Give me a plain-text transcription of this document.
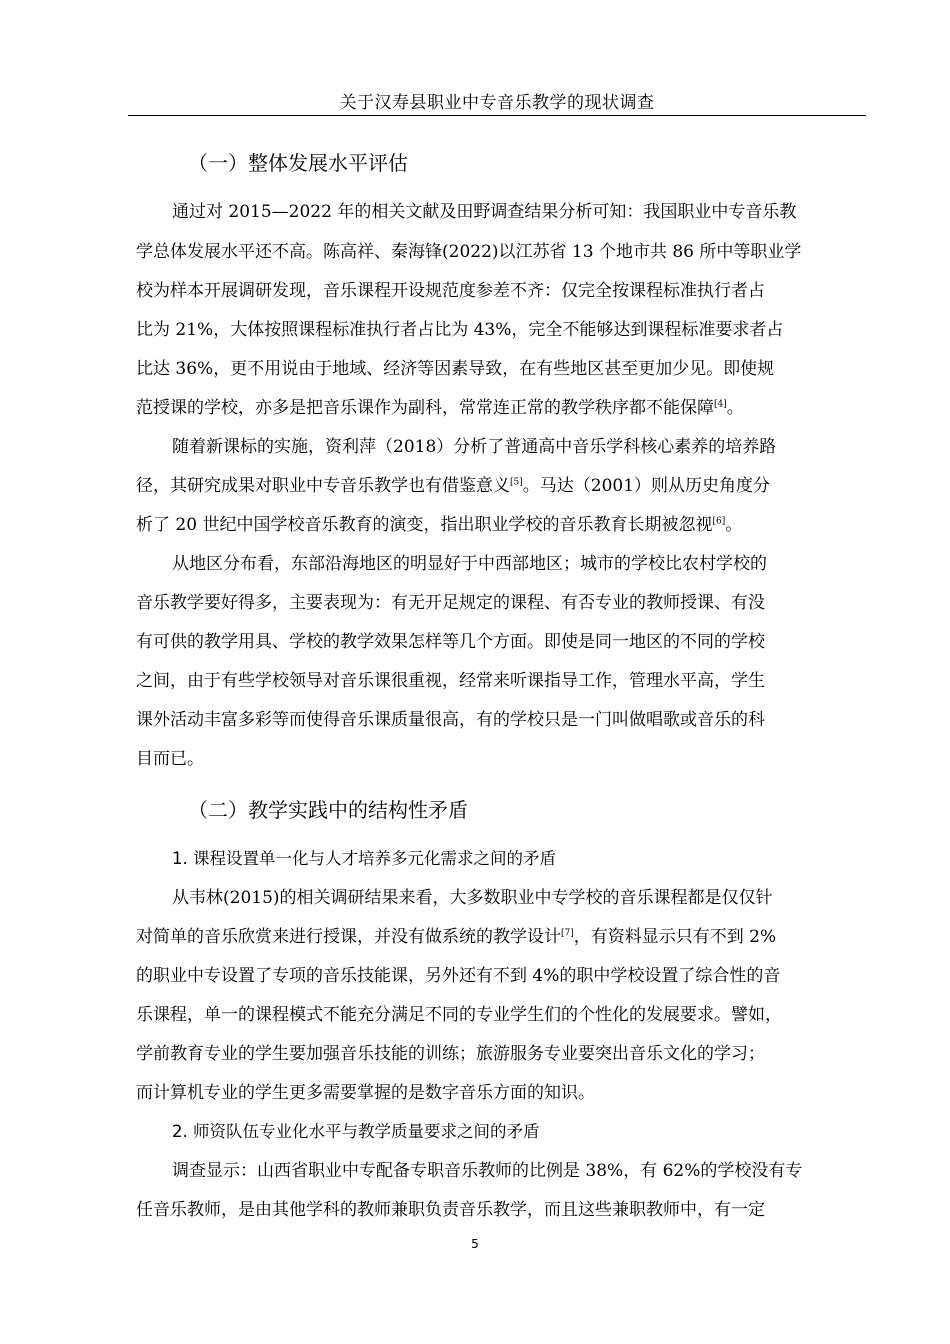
关于汉寿县职业中专音乐教学的现状调查
（一）整体发展水平评估
通过对 2015—2022 年的相关文献及田野调查结果分析可知：我国职业中专音乐教
学总体发展水平还不高。陈高祥、秦海锋(2022)以江苏省 13 个地市共 86 所中等职业学
校为样本开展调研发现，音乐课程开设规范度参差不齐：仅完全按课程标准执行者占
比为 21%，大体按照课程标准执行者占比为 43%，完全不能够达到课程标准要求者占
比达 36%，更不用说由于地域、经济等因素导致，在有些地区甚至更加少见。即使规
范授课的学校，亦多是把音乐课作为副科，常常连正常的教学秩序都不能保障[4]。
随着新课标的实施，资利萍（2018）分析了普通高中音乐学科核心素养的培养路
径，其研究成果对职业中专音乐教学也有借鉴意义[5]。马达（2001）则从历史角度分
析了 20 世纪中国学校音乐教育的演变，指出职业学校的音乐教育长期被忽视[6]。
从地区分布看，东部沿海地区的明显好于中西部地区；城市的学校比农村学校的
音乐教学要好得多，主要表现为：有无开足规定的课程、有否专业的教师授课、有没
有可供的教学用具、学校的教学效果怎样等几个方面。即使是同一地区的不同的学校
之间，由于有些学校领导对音乐课很重视，经常来听课指导工作，管理水平高，学生
课外活动丰富多彩等而使得音乐课质量很高，有的学校只是一门叫做唱歌或音乐的科
目而已。
（二）教学实践中的结构性矛盾
1. 课程设置单一化与人才培养多元化需求之间的矛盾
从韦林(2015)的相关调研结果来看，大多数职业中专学校的音乐课程都是仅仅针
对简单的音乐欣赏来进行授课，并没有做系统的教学设计[7]，有资料显示只有不到 2%
的职业中专设置了专项的音乐技能课，另外还有不到 4%的职中学校设置了综合性的音
乐课程，单一的课程模式不能充分满足不同的专业学生们的个性化的发展要求。譬如，
学前教育专业的学生要加强音乐技能的训练；旅游服务专业要突出音乐文化的学习；
而计算机专业的学生更多需要掌握的是数字音乐方面的知识。
2. 师资队伍专业化水平与教学质量要求之间的矛盾
调查显示：山西省职业中专配备专职音乐教师的比例是 38%，有 62%的学校没有专
任音乐教师，是由其他学科的教师兼职负责音乐教学，而且这些兼职教师中，有一定
5
